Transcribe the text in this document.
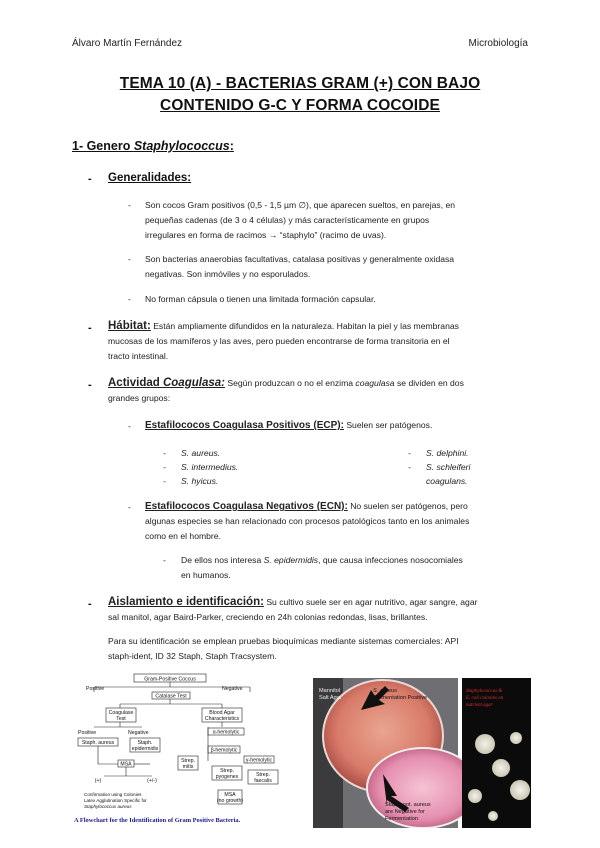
Álvaro Martín Fernández	Microbiología
TEMA 10 (A) - BACTERIAS GRAM (+) CON BAJO
CONTENIDO G-C Y FORMA COCOIDE
1- Genero Staphylococcus:
- Generalidades:
- Son cocos Gram positivos (0,5 - 1,5 µm ∅), que aparecen sueltos, en parejas, en
pequeñas cadenas (de 3 o 4 células) y más característicamente en grupos
irregulares en forma de racimos → “staphylo” (racimo de uvas).
- Son bacterias anaerobias facultativas, catalasa positivas y generalmente oxidasa
negativas. Son inmóviles y no esporulados.
- No forman cápsula o tienen una limitada formación capsular.
- Hábitat: Están ampliamente difundidos en la naturaleza. Habitan la piel y las membranas
mucosas de los mamíferos y las aves, pero pueden encontrarse de forma transitoria en el
tracto intestinal.
- Actividad Coagulasa: Según produzcan o no el enzima coagulasa se dividen en dos
grandes grupos:
- Estafilococos Coagulasa Positivos (ECP): Suelen ser patógenos.
-
-
-
S. aureus.
S. intermedius.
S. hyicus.
-
-
S. delphini.
S. schleiferi
coagulans.
- Estafilococos Coagulasa Negativos (ECN): No suelen ser patógenos, pero
algunas especies se han relacionado con procesos patológicos tanto en los animales
como en el hombre.
- De ellos nos interesa S. epidermidis, que causa infecciones nosocomiales
en humanos.
- Aislamiento e identificación: Su cultivo suele ser en agar nutritivo, agar sangre, agar
sal manitol, agar Baird-Parker, creciendo en 24h colonias redondas, lisas, brillantes.
Para su identificación se emplean pruebas bioquímicas mediante sistemas comerciales: API
staph-ident, ID 32 Staph, Staph Tracsystem.
Gram-Positive Coccus
Positive	Negative
Catalase Test
Coagulase
Test
Blood Agar
Characteristics
Positive	Negative
Staph. aureus	Staph.
epidermidis
α-hemolytic
β-hemolytic
γ-hemolytic
Strep.
mitis
Strep.
pyogenes	Strep.
faecalis
MSA
MSA
(no growth)
(+)	(+/-)
Confirmation using Colonies
Latex Agglutination Specific for
Staphylococcus aureus
A Flowchart for the Identification of Gram Positive Bacteria.
Mannitol
Salt Agar
S. aureus
Fermentation Positive
Staph. not. aureus
are Negative for
Fermentation
Staphylococcus &
E. coli colonies on
nutrient agar
